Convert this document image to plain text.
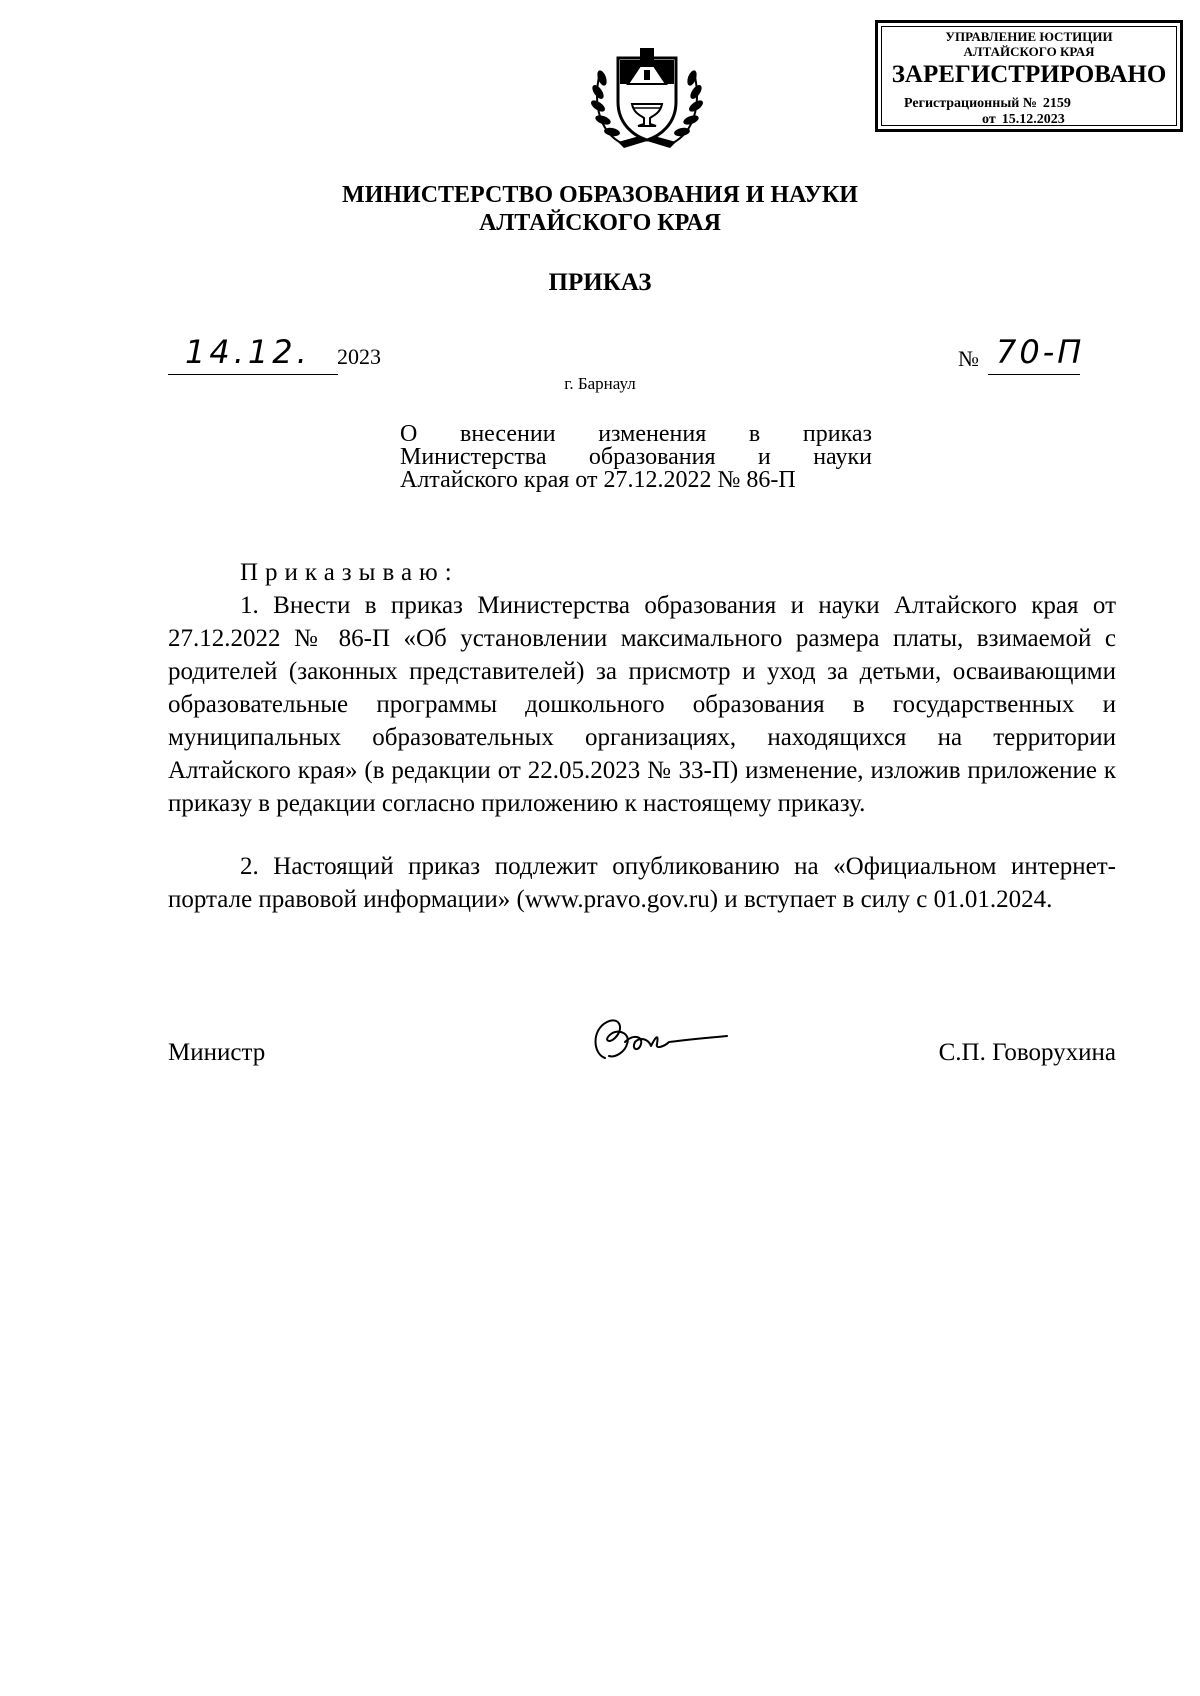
УПРАВЛЕНИЕ ЮСТИЦИИ
АЛТАЙСКОГО КРАЯ
ЗАРЕГИСТРИРОВАНО
Регистрационный № 2159
от 15.12.2023
МИНИСТЕРСТВО ОБРАЗОВАНИЯ И НАУКИ
АЛТАЙСКОГО КРАЯ
ПРИКАЗ
14.12. 2023	№ 70-П
г. Барнаул
О внесении изменения в приказ
Министерства образования и науки
Алтайского края от 27.12.2022 № 86-П
Приказываю:

1. Внести в приказ Министерства образования и науки Алтайского края от 27.12.2022 № 86-П «Об установлении максимального размера платы, взимаемой с родителей (законных представителей) за присмотр и уход за детьми, осваивающими образовательные программы дошкольного образования в государственных и муниципальных образовательных организациях, находящихся на территории Алтайского края» (в редакции от 22.05.2023 № 33-П) изменение, изложив приложение к приказу в редакции согласно приложению к настоящему приказу.

2. Настоящий приказ подлежит опубликованию на «Официальном интернет-портале правовой информации» (www.pravo.gov.ru) и вступает в силу с 01.01.2024.

Министр	С.П. Говорухина
